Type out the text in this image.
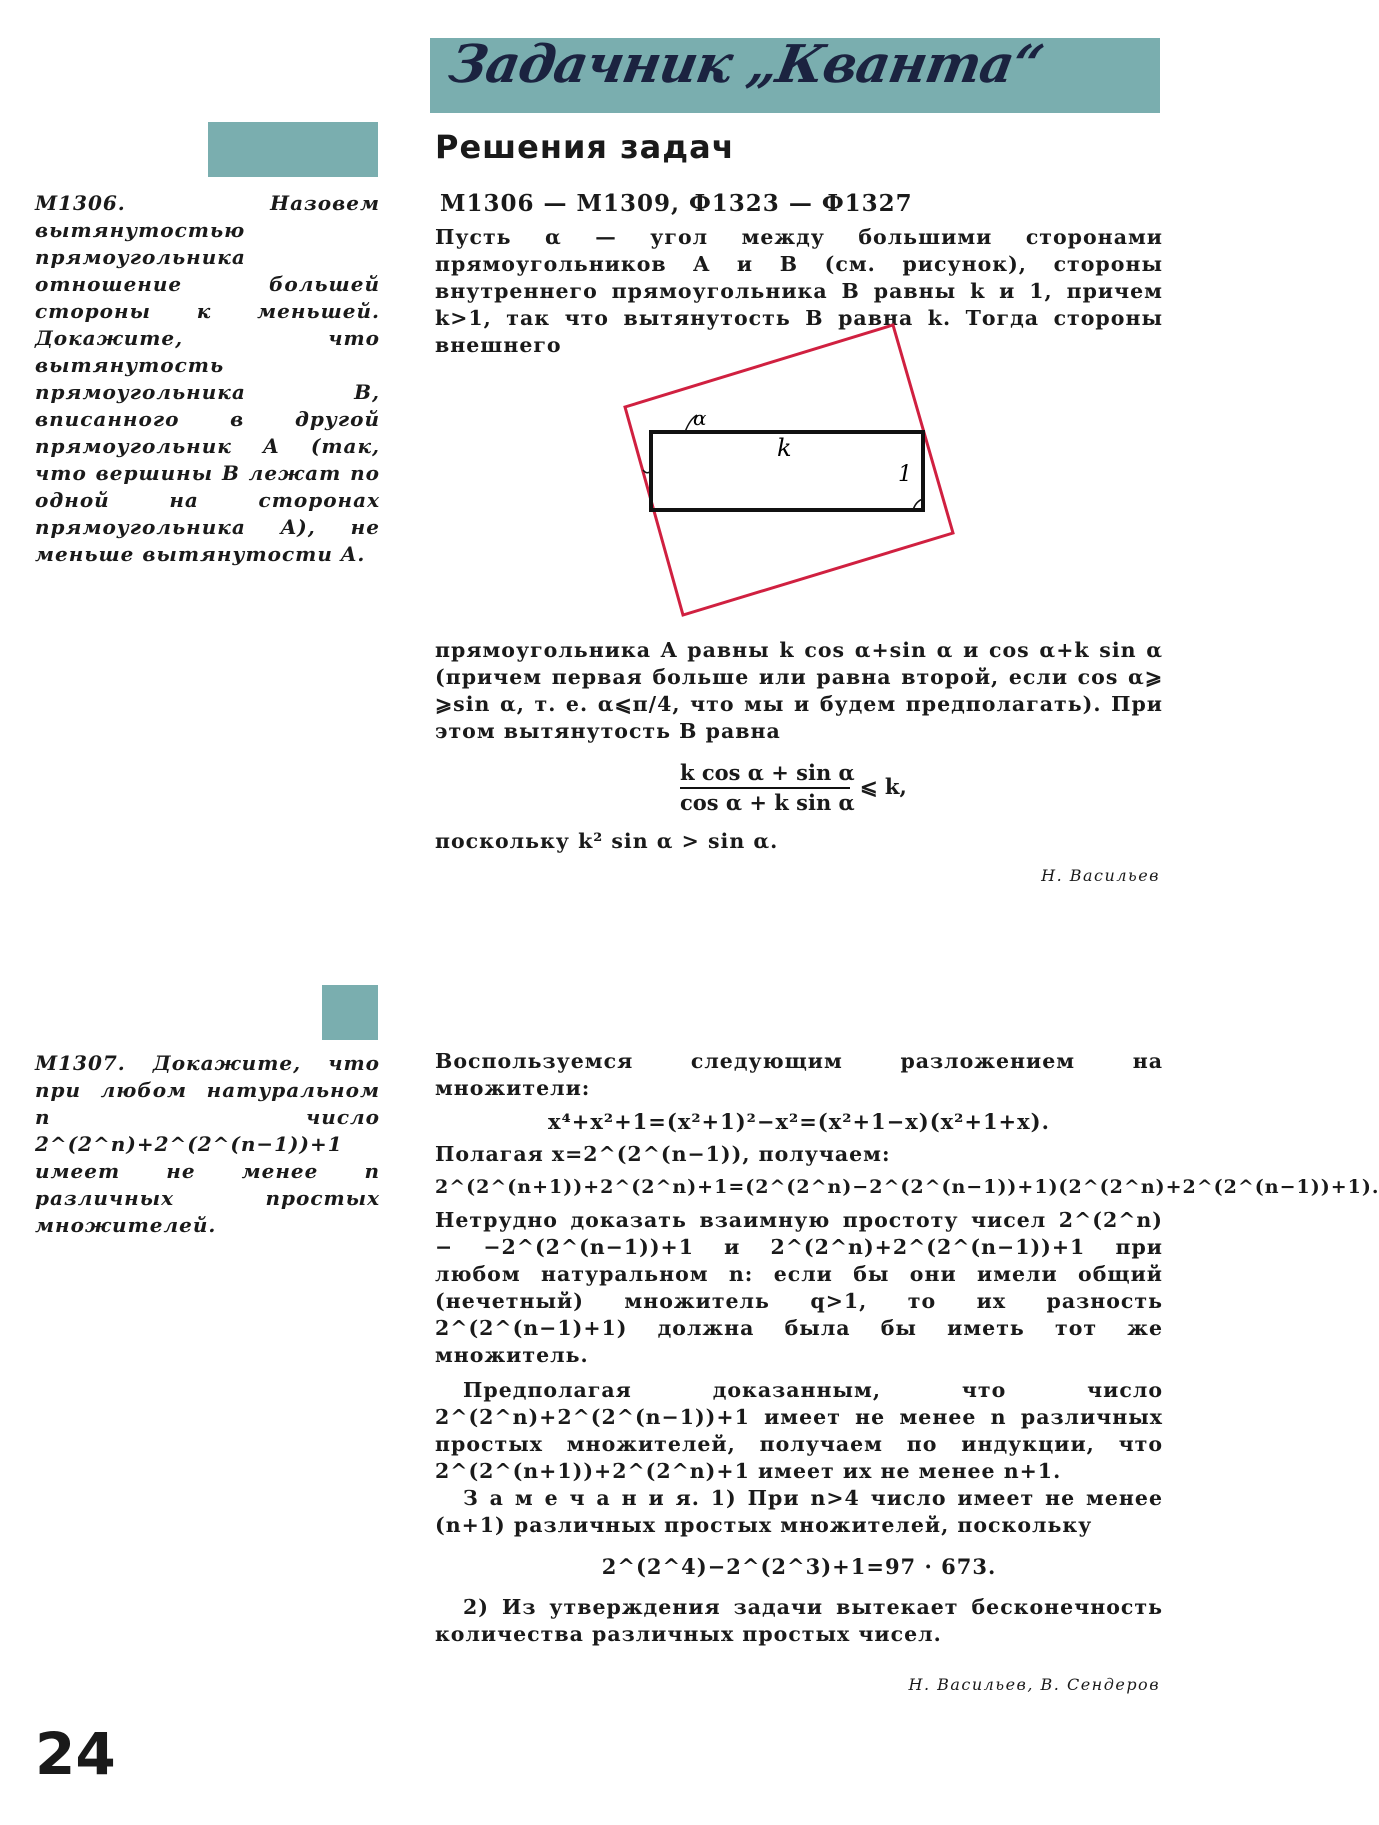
Задачник „Кванта“
Решения задач
М1306 — М1309, Ф1323 — Ф1327

М1306. Назовем вытянутостью прямоугольника отношение большей стороны к меньшей. Докажите, что вытянутость прямоугольника B, вписанного в другой прямоугольник A (так, что вершины B лежат по одной на сторонах прямоугольника A), не меньше вытянутости A.

Пусть α — угол между большими сторонами прямоугольников A и B (см. рисунок), стороны внутреннего прямоугольника B равны k и 1, причем k>1, так что вытянутость B равна k. Тогда стороны внешнего

α
k
1

прямоугольника A равны k cos α+sin α и cos α+k sin α (причем первая больше или равна второй, если cos α⩾ ⩾sin α, т. е. α⩽π/4, что мы и будем предполагать). При этом вытянутость B равна

k cos α + sin α
cos α + k sin α
⩽ k,

поскольку k² sin α > sin α.

Н. Васильев

М1307. Докажите, что при любом натуральном n число 2^(2^n)+2^(2^(n−1))+1 имеет не менее n различных простых множителей.

Воспользуемся следующим разложением на множители:

x⁴+x²+1=(x²+1)²−x²=(x²+1−x)(x²+1+x).

Полагая x=2^(2^(n−1)), получаем:

2^(2^(n+1))+2^(2^n)+1=(2^(2^n)−2^(2^(n−1))+1)(2^(2^n)+2^(2^(n−1))+1).

Нетрудно доказать взаимную простоту чисел 2^(2^n) − −2^(2^(n−1))+1 и 2^(2^n)+2^(2^(n−1))+1 при любом натуральном n: если бы они имели общий (нечетный) множитель q>1, то их разность 2^(2^(n−1)+1) должна была бы иметь тот же множитель.

Предполагая доказанным, что число 2^(2^n)+2^(2^(n−1))+1 имеет не менее n различных простых множителей, получаем по индукции, что 2^(2^(n+1))+2^(2^n)+1 имеет их не менее n+1.

З а м е ч а н и я. 1) При n>4 число имеет не менее (n+1) различных простых множителей, поскольку

2^(2^4)−2^(2^3)+1=97 · 673.

2) Из утверждения задачи вытекает бесконечность количества различных простых чисел.

Н. Васильев, В. Сендеров
24
